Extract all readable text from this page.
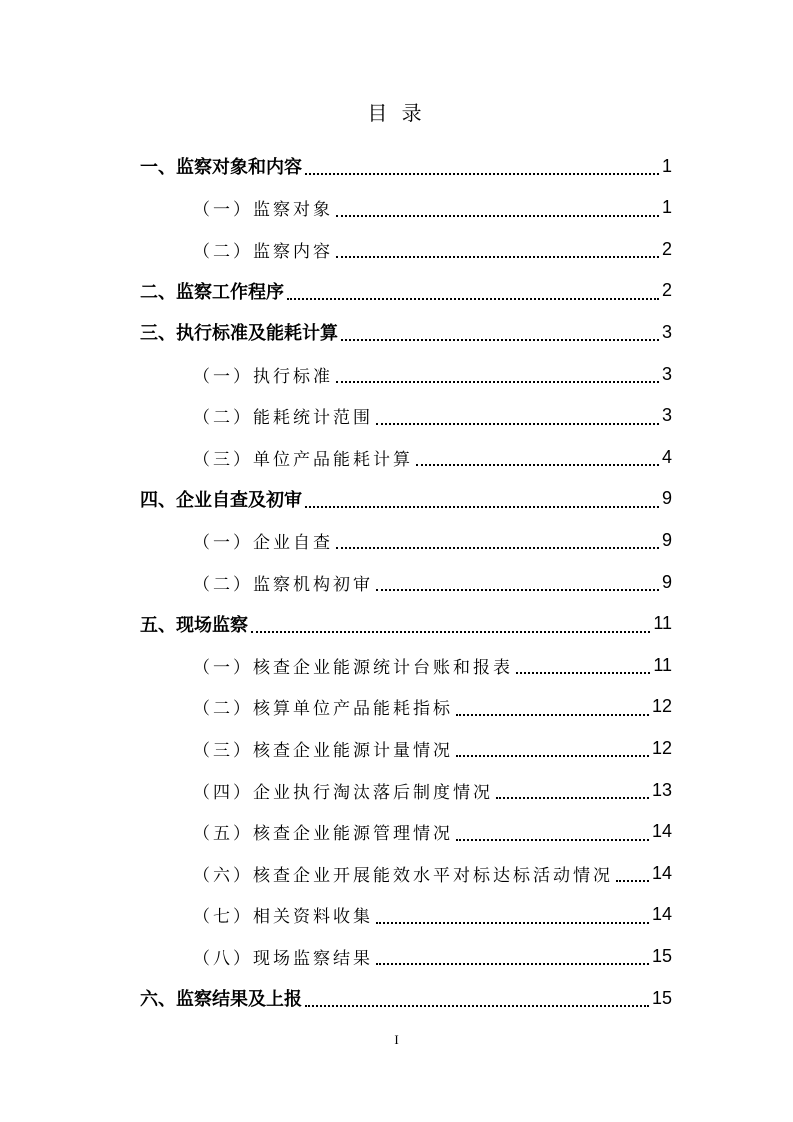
目 录
一、监察对象和内容	1
（一）监察对象	1
（二）监察内容	2
二、监察工作程序	2
三、执行标准及能耗计算	3
（一）执行标准	3
（二）能耗统计范围	3
（三）单位产品能耗计算	4
四、企业自查及初审	9
（一）企业自查	9
（二）监察机构初审	9
五、现场监察	11
（一）核查企业能源统计台账和报表	11
（二）核算单位产品能耗指标	12
（三）核查企业能源计量情况	12
（四）企业执行淘汰落后制度情况	13
（五）核查企业能源管理情况	14
（六）核查企业开展能效水平对标达标活动情况 14
（七）相关资料收集	14
（八）现场监察结果	15
六、监察结果及上报	15
I
